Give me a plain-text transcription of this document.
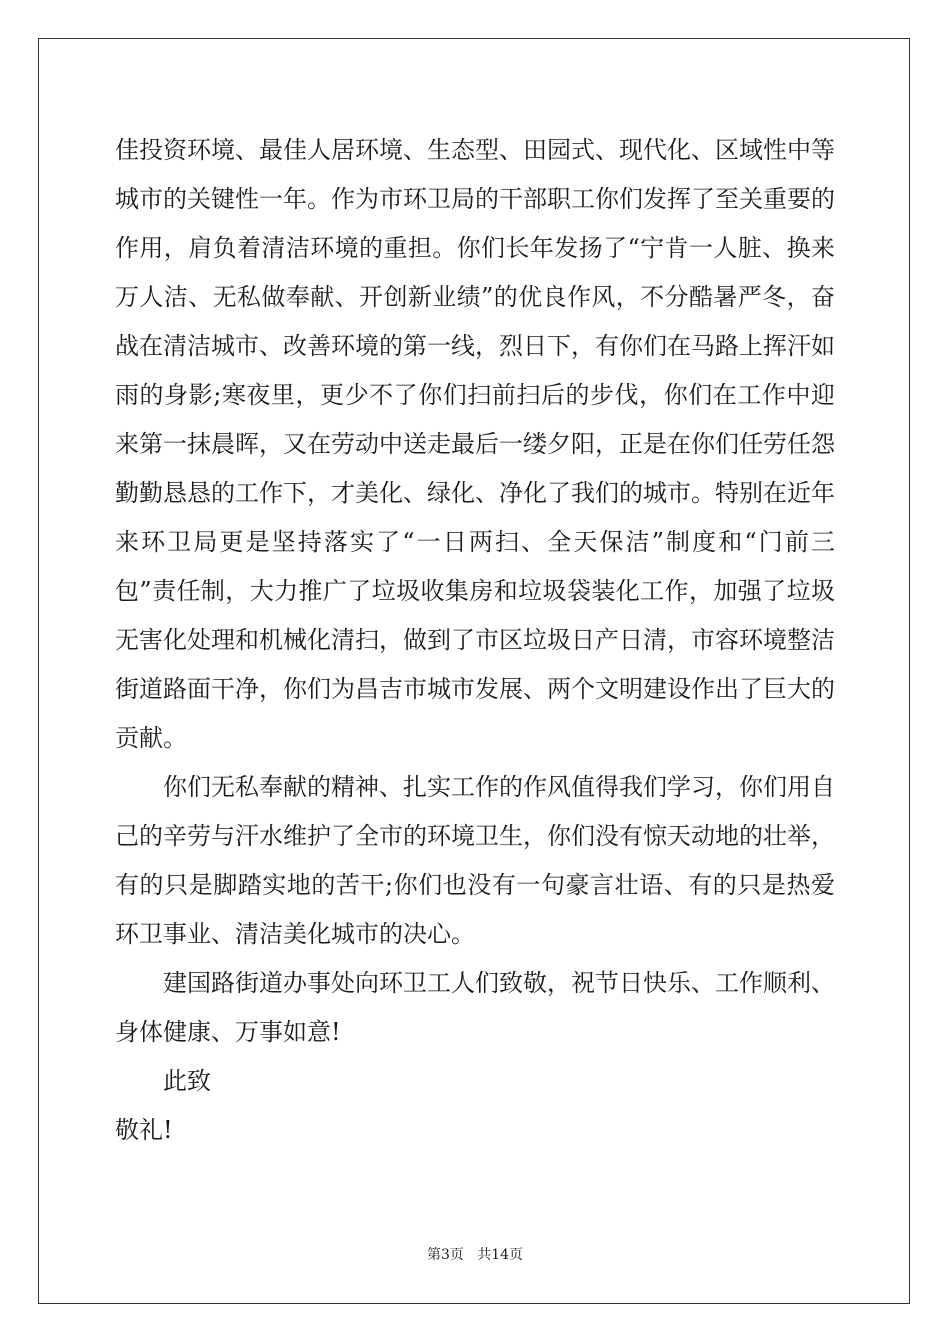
佳投资环境、最佳人居环境、生态型、田园式、现代化、区域性中等
城市的关键性一年。作为市环卫局的干部职工你们发挥了至关重要的
作用，肩负着清洁环境的重担。你们长年发扬了“宁肯一人脏、换来
万人洁、无私做奉献、开创新业绩”的优良作风，不分酷暑严冬，奋
战在清洁城市、改善环境的第一线，烈日下，有你们在马路上挥汗如
雨的身影;寒夜里，更少不了你们扫前扫后的步伐，你们在工作中迎
来第一抹晨晖，又在劳动中送走最后一缕夕阳，正是在你们任劳任怨
勤勤恳恳的工作下，才美化、绿化、净化了我们的城市。特别在近年
来环卫局更是坚持落实了“一日两扫、全天保洁”制度和“门前三
包”责任制，大力推广了垃圾收集房和垃圾袋装化工作，加强了垃圾
无害化处理和机械化清扫，做到了市区垃圾日产日清，市容环境整洁
街道路面干净，你们为昌吉市城市发展、两个文明建设作出了巨大的
贡献。
你们无私奉献的精神、扎实工作的作风值得我们学习，你们用自
己的辛劳与汗水维护了全市的环境卫生，你们没有惊天动地的壮举，
有的只是脚踏实地的苦干;你们也没有一句豪言壮语、有的只是热爱
环卫事业、清洁美化城市的决心。
建国路街道办事处向环卫工人们致敬，祝节日快乐、工作顺利、
身体健康、万事如意!
此致
敬礼!
第3页   共14页
